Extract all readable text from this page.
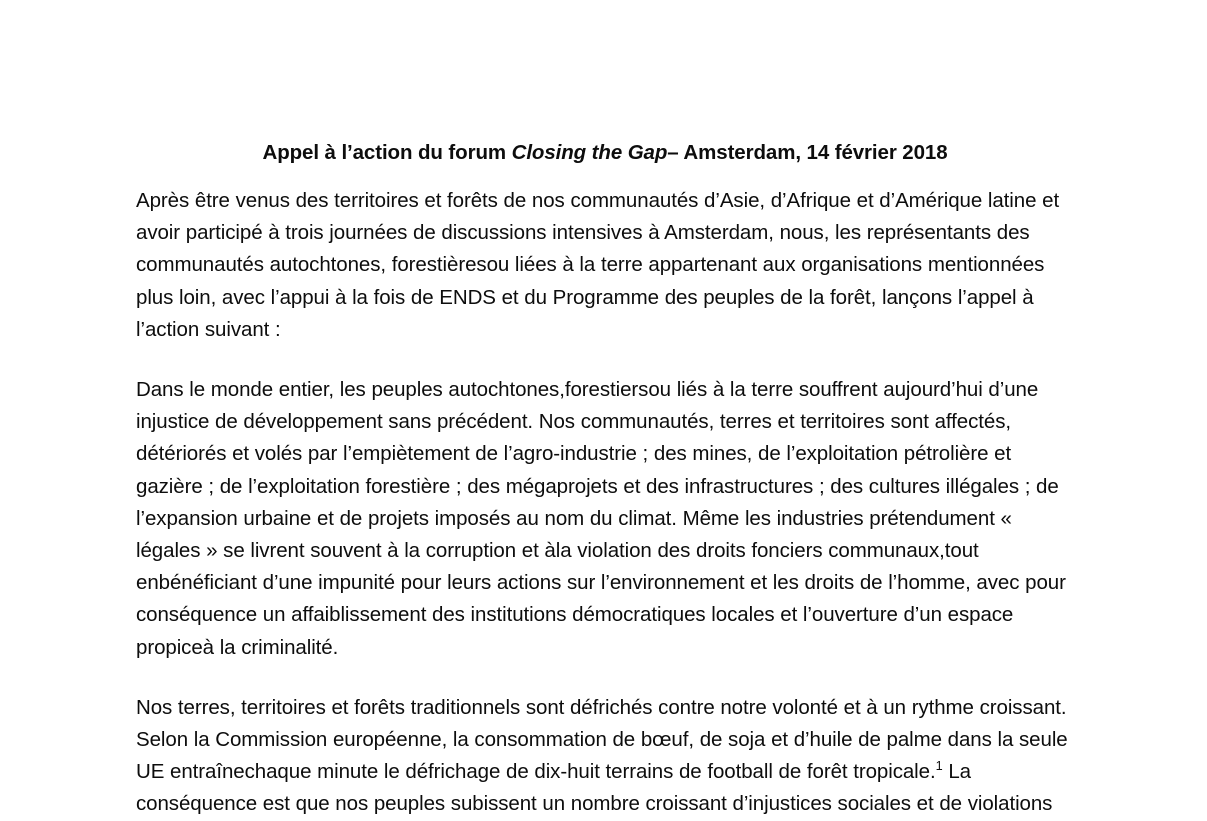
Appel à l’action du forum Closing the Gap– Amsterdam, 14 février 2018

Après être venus des territoires et forêts de nos communautés d’Asie, d’Afrique et d’Amérique latine et avoir participé à trois journées de discussions intensives à Amsterdam, nous, les représentants des communautés autochtones, forestièresou liées à la terre appartenant aux organisations mentionnées plus loin, avec l’appui à la fois de ENDS et du Programme des peuples de la forêt, lançons l’appel à l’action suivant :

Dans le monde entier, les peuples autochtones,forestiersou liés à la terre souffrent aujourd’hui d’une injustice de développement sans précédent. Nos communautés, terres et territoires sont affectés, détériorés et volés par l’empiètement de l’agro-industrie ; des mines, de l’exploitation pétrolière et gazière ; de l’exploitation forestière ; des mégaprojets et des infrastructures ; des cultures illégales ; de l’expansion urbaine et de projets imposés au nom du climat. Même les industries prétendument « légales » se livrent souvent à la corruption et àla violation des droits fonciers communaux,tout enbénéficiant d’une impunité pour leurs actions sur l’environnement et les droits de l’homme, avec pour conséquence un affaiblissement des institutions démocratiques locales et l’ouverture d’un espace propiceà la criminalité.

Nos terres, territoires et forêts traditionnels sont défrichés contre notre volonté et à un rythme croissant. Selon la Commission européenne, la consommation de bœuf, de soja et d’huile de palme dans la seule UE entraînechaque minute le défrichage de dix-huit terrains de football de forêt tropicale.$^1$ La conséquence est que nos peuples subissent un nombre croissant d’injustices sociales et de violations
